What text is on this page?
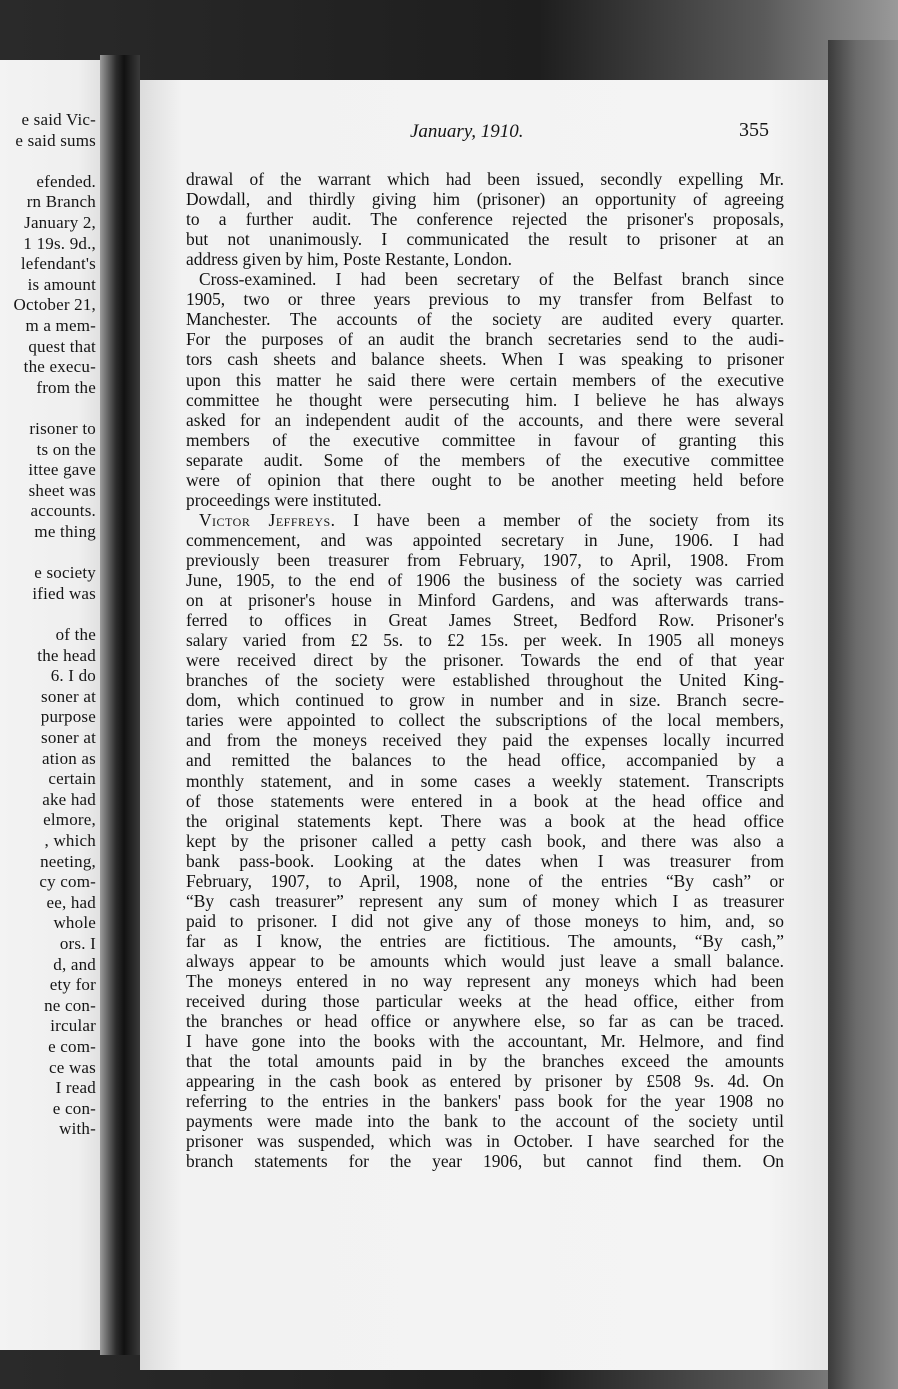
e said Vic-
e said sums
efended.
rn Branch
January 2,
1 19s. 9d.,
lefendant's
is amount
October 21,
m a mem-
quest that
the execu-
from the
risoner to
ts on the
ittee gave
sheet was
accounts.
me thing
e society
ified was
of the
the head
6. I do
soner at
purpose
soner at
ation as
certain
ake had
elmore,
, which
neeting,
cy com-
ee, had
whole
ors. I
d, and
ety for
ne con-
ircular
e com-
ce was
I read
e con-
with-
January, 1910.	355
drawal of the warrant which had been issued, secondly expelling Mr.
Dowdall, and thirdly giving him (prisoner) an opportunity of agreeing
to a further audit. The conference rejected the prisoner's proposals,
but not unanimously. I communicated the result to prisoner at an
address given by him, Poste Restante, London.
Cross-examined. I had been secretary of the Belfast branch since
1905, two or three years previous to my transfer from Belfast to
Manchester. The accounts of the society are audited every quarter.
For the purposes of an audit the branch secretaries send to the audi-
tors cash sheets and balance sheets. When I was speaking to prisoner
upon this matter he said there were certain members of the executive
committee he thought were persecuting him. I believe he has always
asked for an independent audit of the accounts, and there were several
members of the executive committee in favour of granting this
separate audit. Some of the members of the executive committee
were of opinion that there ought to be another meeting held before
proceedings were instituted.
Victor Jeffreys. I have been a member of the society from its
commencement, and was appointed secretary in June, 1906. I had
previously been treasurer from February, 1907, to April, 1908. From
June, 1905, to the end of 1906 the business of the society was carried
on at prisoner's house in Minford Gardens, and was afterwards trans-
ferred to offices in Great James Street, Bedford Row. Prisoner's
salary varied from £2 5s. to £2 15s. per week. In 1905 all moneys
were received direct by the prisoner. Towards the end of that year
branches of the society were established throughout the United King-
dom, which continued to grow in number and in size. Branch secre-
taries were appointed to collect the subscriptions of the local members,
and from the moneys received they paid the expenses locally incurred
and remitted the balances to the head office, accompanied by a
monthly statement, and in some cases a weekly statement. Transcripts
of those statements were entered in a book at the head office and
the original statements kept. There was a book at the head office
kept by the prisoner called a petty cash book, and there was also a
bank pass-book. Looking at the dates when I was treasurer from
February, 1907, to April, 1908, none of the entries “By cash” or
“By cash treasurer” represent any sum of money which I as treasurer
paid to prisoner. I did not give any of those moneys to him, and, so
far as I know, the entries are fictitious. The amounts, “By cash,”
always appear to be amounts which would just leave a small balance.
The moneys entered in no way represent any moneys which had been
received during those particular weeks at the head office, either from
the branches or head office or anywhere else, so far as can be traced.
I have gone into the books with the accountant, Mr. Helmore, and find
that the total amounts paid in by the branches exceed the amounts
appearing in the cash book as entered by prisoner by £508 9s. 4d. On
referring to the entries in the bankers' pass book for the year 1908 no
payments were made into the bank to the account of the society until
prisoner was suspended, which was in October. I have searched for the
branch statements for the year 1906, but cannot find them. On
